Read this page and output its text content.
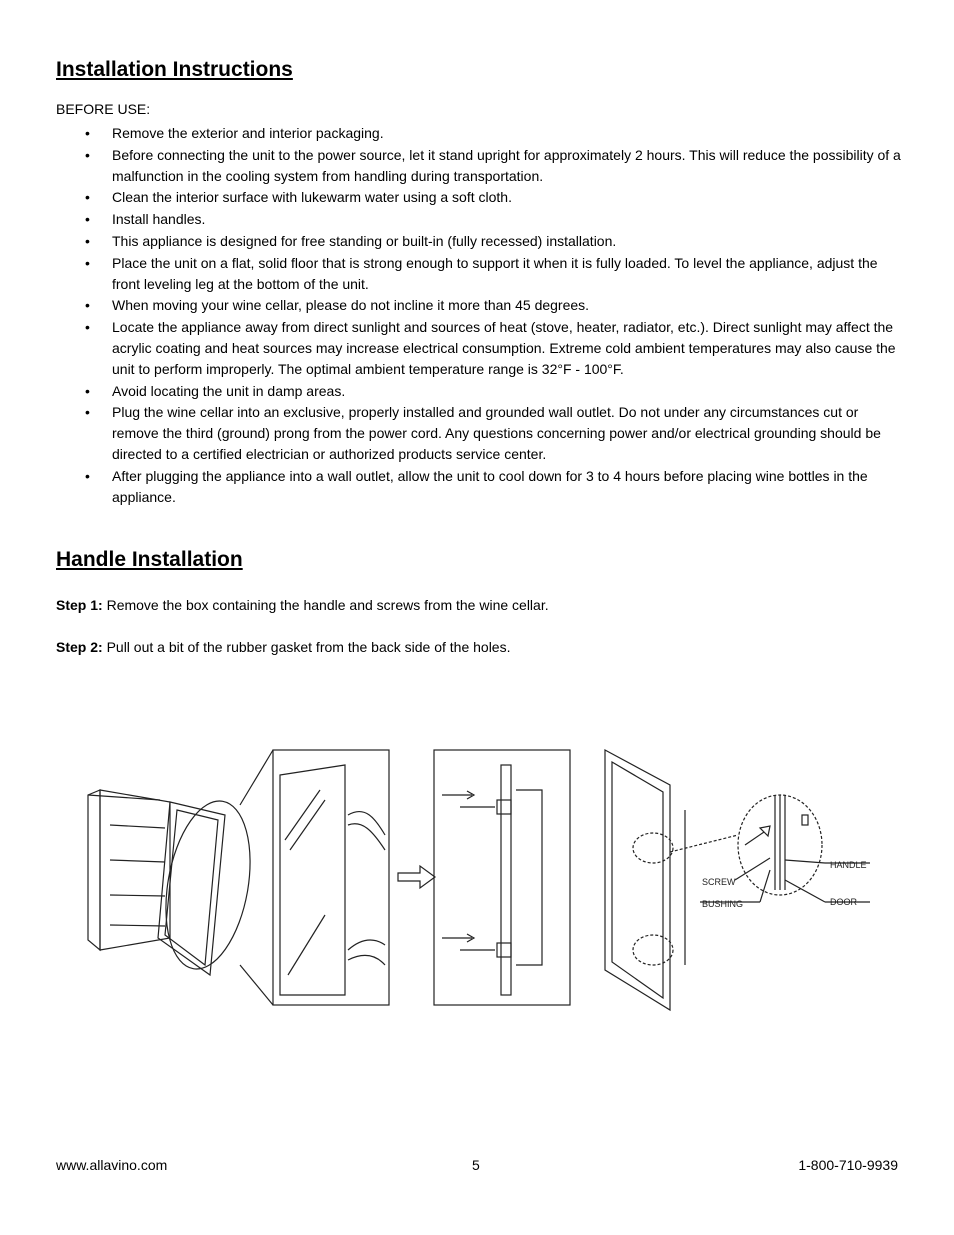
Installation Instructions
BEFORE USE:
• Remove the exterior and interior packaging.
• Before connecting the unit to the power source, let it stand upright for approximately 2 hours. This will reduce the possibility of a malfunction in the cooling system from handling during transportation.
• Clean the interior surface with lukewarm water using a soft cloth.
• Install handles.
• This appliance is designed for free standing or built-in (fully recessed) installation.
• Place the unit on a flat, solid floor that is strong enough to support it when it is fully loaded. To level the appliance, adjust the front leveling leg at the bottom of the unit.
• When moving your wine cellar, please do not incline it more than 45 degrees.
• Locate the appliance away from direct sunlight and sources of heat (stove, heater, radiator, etc.). Direct sunlight may affect the acrylic coating and heat sources may increase electrical consumption. Extreme cold ambient temperatures may also cause the unit to perform improperly. The optimal ambient temperature range is 32°F - 100°F.
• Avoid locating the unit in damp areas.
• Plug the wine cellar into an exclusive, properly installed and grounded wall outlet. Do not under any circumstances cut or remove the third (ground) prong from the power cord. Any questions concerning power and/or electrical grounding should be directed to a certified electrician or authorized products service center.
• After plugging the appliance into a wall outlet, allow the unit to cool down for 3 to 4 hours before placing wine bottles in the appliance.
Handle Installation
Step 1: Remove the box containing the handle and screws from the wine cellar.
Step 2: Pull out a bit of the rubber gasket from the back side of the holes.
HANDLE
SCREW
BUSHING	DOOR
www.allavino.com	5	1-800-710-9939
